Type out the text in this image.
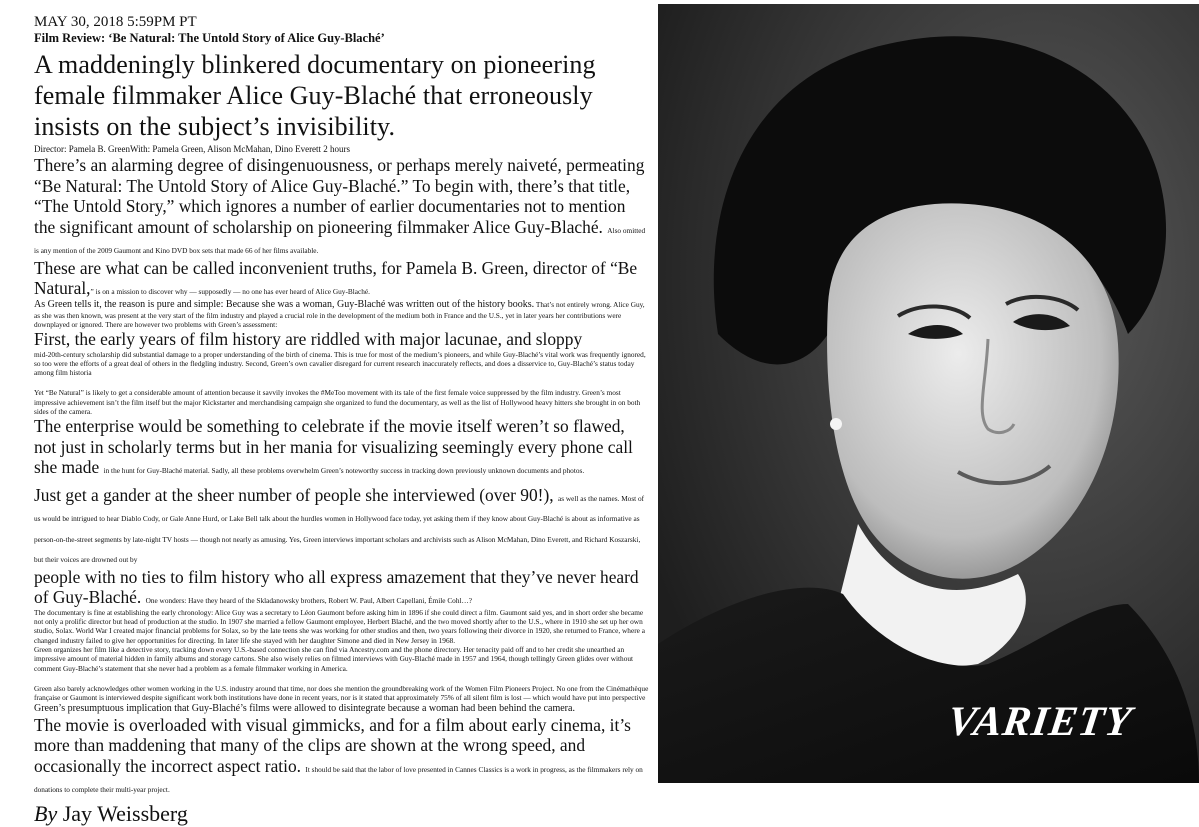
MAY 30, 2018 5:59PM PT

Film Review: ‘Be Natural: The Untold Story of Alice Guy-Blaché’

A maddeningly blinkered documentary on pioneering female filmmaker Alice Guy-Blaché that erroneously insists on the subject’s invisibility.

Director: Pamela B. GreenWith: Pamela Green, Alison McMahan, Dino Everett 2 hours

There’s an alarming degree of disingenuousness, or perhaps merely naiveté, permeating “Be Natural: The Untold Story of Alice Guy-Blaché.” To begin with, there’s that title, “The Untold Story,” which ignores a number of earlier documentaries not to mention the significant amount of scholarship on pioneering filmmaker Alice Guy-Blaché. Also omitted is any mention of the 2009 Gaumont and Kino DVD box sets that made 66 of her films available.

These are what can be called inconvenient truths, for Pamela B. Green, director of “Be Natural,” is on a mission to discover why — supposedly — no one has ever heard of Alice Guy-Blaché.

As Green tells it, the reason is pure and simple: Because she was a woman, Guy-Blaché was written out of the history books. That’s not entirely wrong. Alice Guy, as she was then known, was present at the very start of the film industry and played a crucial role in the development of the medium both in France and the U.S., yet in later years her contributions were downplayed or ignored. There are however two problems with Green’s assessment:

First, the early years of film history are riddled with major lacunae, and sloppy

mid-20th-century scholarship did substantial damage to a proper understanding of the birth of cinema. This is true for most of the medium’s pioneers, and while Guy-Blaché’s vital work was frequently ignored, so too were the efforts of a great deal of others in the fledgling industry. Second, Green’s own cavalier disregard for current research inaccurately reflects, and does a disservice to, Guy-Blaché’s status today among film historia

Yet “Be Natural” is likely to get a considerable amount of attention because it savvily invokes the #MeToo movement with its tale of the first female voice suppressed by the film industry. Green’s most impressive achievement isn’t the film itself but the major Kickstarter and merchandising campaign she organized to fund the documentary, as well as the list of Hollywood heavy hitters she brought in on both sides of the camera.

The enterprise would be something to celebrate if the movie itself weren’t so flawed, not just in scholarly terms but in her mania for visualizing seemingly every phone call she made in the hunt for Guy-Blaché material. Sadly, all these problems overwhelm Green’s noteworthy success in tracking down previously unknown documents and photos.

Just get a gander at the sheer number of people she interviewed (over 90!), as well as the names. Most of us would be intrigued to hear Diablo Cody, or Gale Anne Hurd, or Lake Bell talk about the hurdles women in Hollywood face today, yet asking them if they know about Guy-Blaché is about as informative as person-on-the-street segments by late-night TV hosts — though not nearly as amusing. Yes, Green interviews important scholars and archivists such as Alison McMahan, Dino Everett, and Richard Koszarski, but their voices are drowned out by

people with no ties to film history who all express amazement that they’ve never heard of Guy-Blaché. One wonders: Have they heard of the Skladanowsky brothers, Robert W. Paul, Albert Capellani, Émile Cohl…?

The documentary is fine at establishing the early chronology: Alice Guy was a secretary to Léon Gaumont before asking him in 1896 if she could direct a film. Gaumont said yes, and in short order she became not only a prolific director but head of production at the studio. In 1907 she married a fellow Gaumont employee, Herbert Blaché, and the two moved shortly after to the U.S., where in 1910 she set up her own studio, Solax. World War I created major financial problems for Solax, so by the late teens she was working for other studios and then, two years following their divorce in 1920, she returned to France, where a changed industry failed to give her opportunities for directing. In later life she stayed with her daughter Simone and died in New Jersey in 1968.

Green organizes her film like a detective story, tracking down every U.S.-based connection she can find via Ancestry.com and the phone directory. Her tenacity paid off and to her credit she unearthed an impressive amount of material hidden in family albums and storage cartons. She also wisely relies on filmed interviews with Guy-Blaché made in 1957 and 1964, though tellingly Green glides over without comment Guy-Blaché’s statement that she never had a problem as a female filmmaker working in America.

Green also barely acknowledges other women working in the U.S. industry around that time, nor does she mention the groundbreaking work of the Women Film Pioneers Project. No one from the Cinémathèque française or Gaumont is interviewed despite significant work both institutions have done in recent years, nor is it stated that approximately 75% of all silent film is lost — which would have put into perspective Green’s presumptuous implication that Guy-Blaché’s films were allowed to disintegrate because a woman had been behind the camera.

The movie is overloaded with visual gimmicks, and for a film about early cinema, it’s more than maddening that many of the clips are shown at the wrong speed, and occasionally the incorrect aspect ratio. It should be said that the labor of love presented in Cannes Classics is a work in progress, as the filmmakers rely on donations to complete their multi-year project.

By Jay Weissberg
VARIETY
